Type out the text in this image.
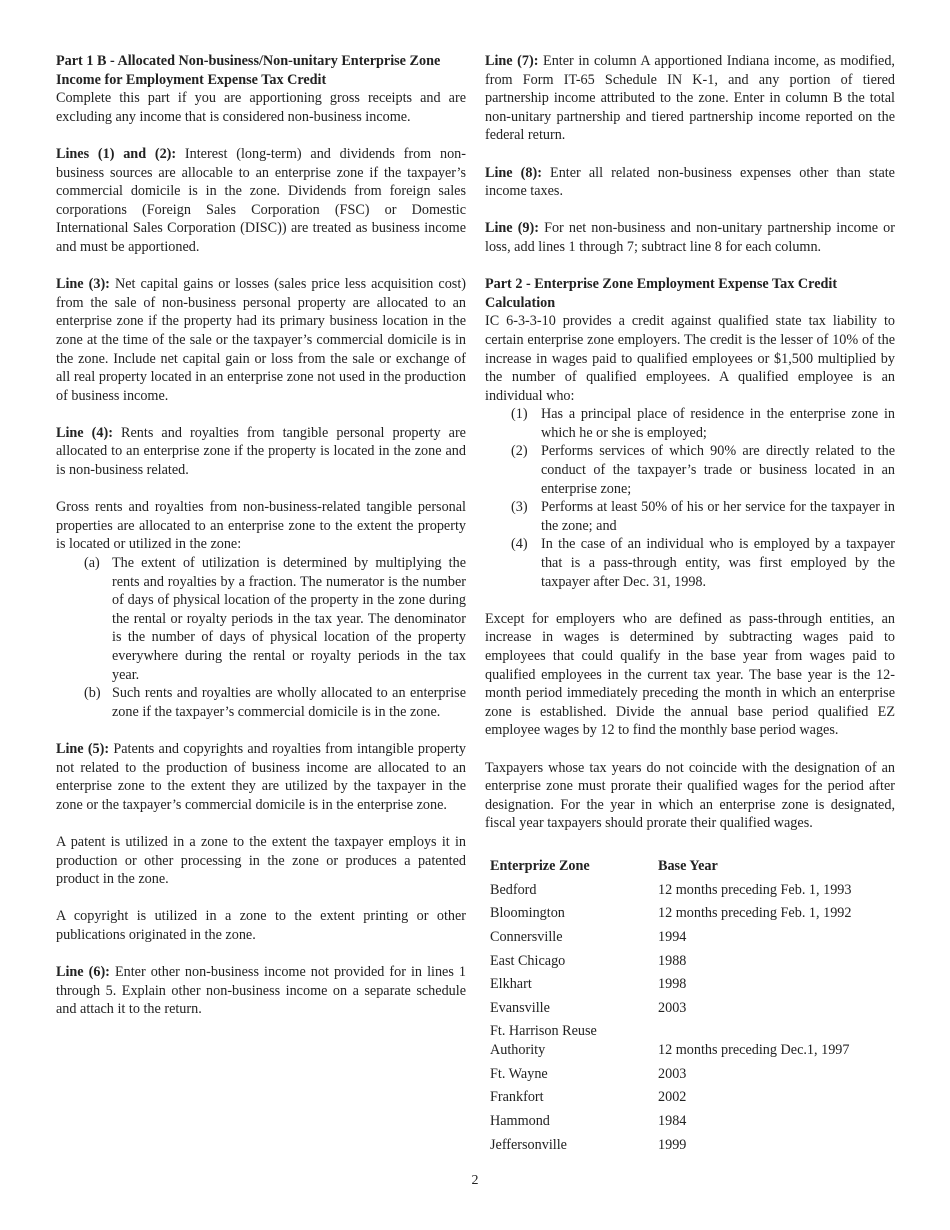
Part 1 B - Allocated Non-business/Non-unitary Enterprise Zone Income for Employment Expense Tax Credit

Complete this part if you are apportioning gross receipts and are excluding any income that is considered non-business income.

Lines (1) and (2): Interest (long-term) and dividends from non-business sources are allocable to an enterprise zone if the taxpayer’s commercial domicile is in the zone. Dividends from foreign sales corporations (Foreign Sales Corporation (FSC) or Domestic International Sales Corporation (DISC)) are treated as business income and must be apportioned.

Line (3): Net capital gains or losses (sales price less acquisition cost) from the sale of non-business personal property are allocated to an enterprise zone if the property had its primary business location in the zone at the time of the sale or the taxpayer’s commercial domicile is in the zone. Include net capital gain or loss from the sale or exchange of all real property located in an enterprise zone not used in the production of business income.

Line (4): Rents and royalties from tangible personal property are allocated to an enterprise zone if the property is located in the zone and is non-business related.

Gross rents and royalties from non-business-related tangible personal properties are allocated to an enterprise zone to the extent the property is located or utilized in the zone:

(a) The extent of utilization is determined by multiplying the rents and royalties by a fraction. The numerator is the number of days of physical location of the property in the zone during the rental or royalty periods in the tax year. The denominator is the number of days of physical location of the property everywhere during the rental or royalty periods in the tax year.
(b) Such rents and royalties are wholly allocated to an enterprise zone if the taxpayer’s commercial domicile is in the zone.

Line (5): Patents and copyrights and royalties from intangible property not related to the production of business income are allocated to an enterprise zone to the extent they are utilized by the taxpayer in the zone or the taxpayer’s commercial domicile is in the enterprise zone.

A patent is utilized in a zone to the extent the taxpayer employs it in production or other processing in the zone or produces a patented product in the zone.

A copyright is utilized in a zone to the extent printing or other publications originated in the zone.

Line (6): Enter other non-business income not provided for in lines 1 through 5. Explain other non-business income on a separate schedule and attach it to the return.

Line (7): Enter in column A apportioned Indiana income, as modified, from Form IT-65 Schedule IN K-1, and any portion of tiered partnership income attributed to the zone. Enter in column B the total non-unitary partnership and tiered partnership income reported on the federal return.

Line (8): Enter all related non-business expenses other than state income taxes.

Line (9): For net non-business and non-unitary partnership income or loss, add lines 1 through 7; subtract line 8 for each column.

Part 2 - Enterprise Zone Employment Expense Tax Credit Calculation

IC 6-3-3-10 provides a credit against qualified state tax liability to certain enterprise zone employers. The credit is the lesser of 10% of the increase in wages paid to qualified employees or $1,500 multiplied by the number of qualified employees. A qualified employee is an individual who:

(1) Has a principal place of residence in the enterprise zone in which he or she is employed;
(2) Performs services of which 90% are directly related to the conduct of the taxpayer’s trade or business located in an enterprise zone;
(3) Performs at least 50% of his or her service for the taxpayer in the zone; and
(4) In the case of an individual who is employed by a taxpayer that is a pass-through entity, was first employed by the taxpayer after Dec. 31, 1998.

Except for employers who are defined as pass-through entities, an increase in wages is determined by subtracting wages paid to employees that could qualify in the base year from wages paid to qualified employees in the current tax year. The base year is the 12-month period immediately preceding the month in which an enterprise zone is established. Divide the annual base period qualified EZ employee wages by 12 to find the monthly base period wages.

Taxpayers whose tax years do not coincide with the designation of an enterprise zone must prorate their qualified wages for the period after designation. For the year in which an enterprise zone is designated, fiscal year taxpayers should prorate their qualified wages.

Enterprize Zone	Base Year
Bedford	12 months preceding Feb. 1, 1993
Bloomington	12 months preceding Feb. 1, 1992
Connersville	1994
East Chicago	1988
Elkhart	1998
Evansville	2003
Ft. Harrison Reuse
Authority	12 months preceding Dec.1, 1997
Ft. Wayne	2003
Frankfort	2002
Hammond	1984
Jeffersonville	1999
2
